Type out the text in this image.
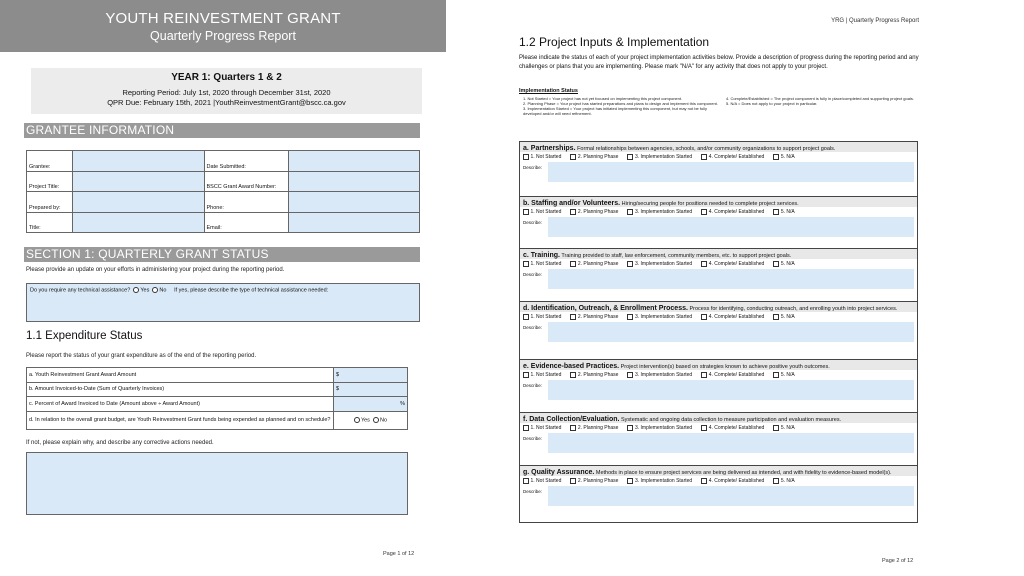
YOUTH REINVESTMENT GRANT
Quarterly Progress Report
YEAR 1: Quarters 1 & 2
Reporting Period: July 1st, 2020 through December 31st, 2020
QPR Due: February 15th, 2021 |YouthReinvestmentGrant@bscc.ca.gov
GRANTEE INFORMATION
Grantee:		Date Submitted:	
Project Title:		BSCC Grant Award Number:	
Prepared by:		Phone:	
Title:		Email:	
SECTION 1: QUARTERLY GRANT STATUS
Please provide an update on your efforts in administering your project during the reporting period.
Do you require any technical assistance? Yes No If yes, please describe the type of technical assistance needed:
1.1 Expenditure Status
Please report the status of your grant expenditure as of the end of the reporting period.
a. Youth Reinvestment Grant Award Amount	$
b. Amount Invoiced-to-Date (Sum of Quarterly Invoices)	$
c. Percent of Award Invoiced to Date (Amount above ÷ Award Amount)	%
d. In relation to the overall grant budget, are Youth Reinvestment Grant funds being expended as planned and on schedule?	Yes No
If not, please explain why, and describe any corrective actions needed.
Page 1 of 12
YRG | Quarterly Progress Report
1.2 Project Inputs & Implementation
Please indicate the status of each of your project implementation activities below. Provide a description of progress during the reporting period and any challenges or plans that you are implementing. Please mark "N/A" for any activity that does not apply to your project.
Implementation Status
1. Not Started = Your project has not yet focused on implementing this project component.
2. Planning Phase = Your project has started preparations and plans to design and implement this component.
3. Implementation Started = Your project has initiated implementing this component, but may not be fully developed and/or will need refinement.
4. Complete/Established = The project component is fully in place/completed and supporting project goals.
5. N/A = Does not apply to your project in particular.
a. Partnerships. Formal relationships between agencies, schools, and/or community organizations to support project goals.
1. Not Started	2. Planning Phase	3. Implementation Started	4. Complete/ Established	5. N/A
Describe:
b. Staffing and/or Volunteers. Hiring/securing people for positions needed to complete project services.
1. Not Started	2. Planning Phase	3. Implementation Started	4. Complete/ Established	5. N/A
Describe:
c. Training. Training provided to staff, law enforcement, community members, etc. to support project goals.
1. Not Started	2. Planning Phase	3. Implementation Started	4. Complete/ Established	5. N/A
Describe:
d. Identification, Outreach, & Enrollment Process. Process for identifying, conducting outreach, and enrolling youth into project services.
1. Not Started	2. Planning Phase	3. Implementation Started	4. Complete/ Established	5. N/A
Describe:
e. Evidence-based Practices. Project intervention(s) based on strategies known to achieve positive youth outcomes.
1. Not Started	2. Planning Phase	3. Implementation Started	4. Complete/ Established	5. N/A
Describe:
f. Data Collection/Evaluation. Systematic and ongoing data collection to measure participation and evaluation measures.
1. Not Started	2. Planning Phase	3. Implementation Started	4. Complete/ Established	5. N/A
Describe:
g. Quality Assurance. Methods in place to ensure project services are being delivered as intended, and with fidelity to evidence-based model(s).
1. Not Started	2. Planning Phase	3. Implementation Started	4. Complete/ Established	5. N/A
Describe:
Page 2 of 12
